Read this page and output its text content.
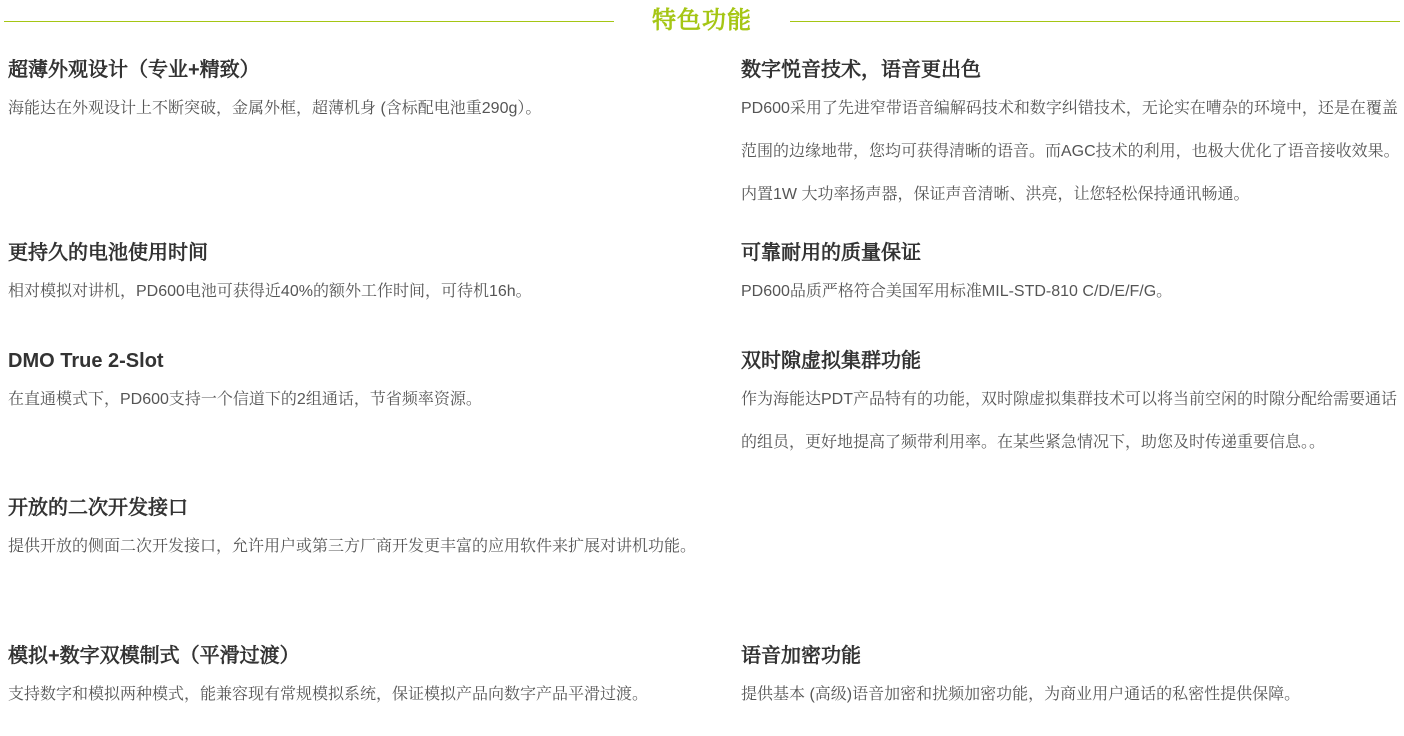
特色功能
超薄外观设计（专业+精致）

海能达在外观设计上不断突破，金属外框，超薄机身 (含标配电池重290g）。

数字悦音技术，语音更出色

PD600采用了先进窄带语音编解码技术和数字纠错技术，无论实在嘈杂的环境中，还是在覆盖范围的边缘地带，您均可获得清晰的语音。而AGC技术的利用，也极大优化了语音接收效果。内置1W 大功率扬声器，保证声音清晰、洪亮，让您轻松保持通讯畅通。

更持久的电池使用时间

相对模拟对讲机，PD600电池可获得近40%的额外工作时间，可待机16h。

可靠耐用的质量保证

PD600品质严格符合美国军用标准MIL-STD-810 C/D/E/F/G。

DMO True 2-Slot

在直通模式下，PD600支持一个信道下的2组通话，节省频率资源。

双时隙虚拟集群功能

作为海能达PDT产品特有的功能，双时隙虚拟集群技术可以将当前空闲的时隙分配给需要通话的组员，更好地提高了频带利用率。在某些紧急情况下，助您及时传递重要信息。。

开放的二次开发接口

提供开放的侧面二次开发接口，允许用户或第三方厂商开发更丰富的应用软件来扩展对讲机功能。

模拟+数字双模制式（平滑过渡）

支持数字和模拟两种模式，能兼容现有常规模拟系统，保证模拟产品向数字产品平滑过渡。

语音加密功能

提供基本 (高级)语音加密和扰频加密功能，为商业用户通话的私密性提供保障。
